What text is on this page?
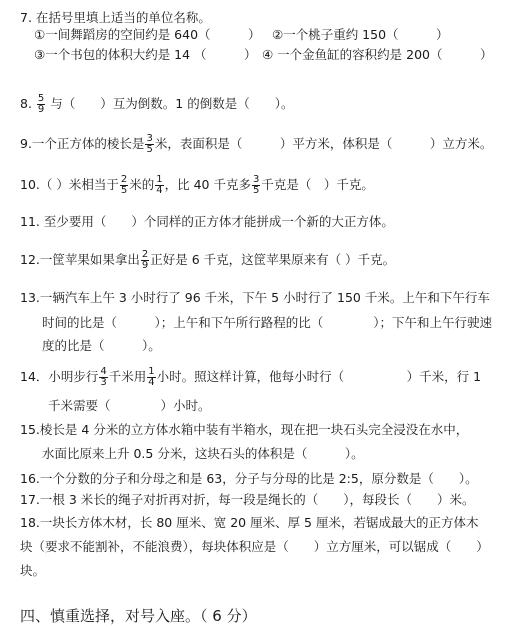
7. 在括号里填上适当的单位名称。
①一间舞蹈房的空间约是 640（　　　） ②一个桃子重约 150（　　　）
③一个书包的体积大约是 14 （　　　） ④ 一个金鱼缸的容积约是 200（　　　）
8. $\frac{5}{9}$ 与（　　）互为倒数。1 的倒数是（　　）。
9.一个正方体的棱长是 $\frac{3}{5}$ 米，表面积是（　　　）平方米，体积是（　　　）立方米。
10.（ ）米相当于 $\frac{2}{5}$ 米的 $\frac{1}{4}$ ，比 40 千克多 $\frac{3}{5}$ 千克是（　）千克。
11. 至少要用（　　）个同样的正方体才能拼成一个新的大正方体。
12.一筐苹果如果拿出 $\frac{2}{9}$ 正好是 6 千克，这筐苹果原来有（ ）千克。
13.一辆汽车上午 3 小时行了 96 千米，下午 5 小时行了 150 千米。上午和下午行车
时间的比是（　　　）；上午和下午所行路程的比（　　　　）；下午和上午行驶速
度的比是（　　　）。
14．小明步行 $\frac{4}{3}$ 千米用 $\frac{1}{4}$ 小时。照这样计算，他每小时行（　　　　　）千米，行 1
千米需要（　　　　）小时。
15.棱长是 4 分米的立方体水箱中装有半箱水，现在把一块石头完全浸没在水中，
水面比原来上升 0.5 分米，这块石头的体积是（　　　）。
16.一个分数的分子和分母之和是 63，分子与分母的比是 2:5，原分数是（　　）。
17.一根 3 米长的绳子对折再对折，每一段是绳长的（　　），每段长（　　）米。
18.一块长方体木材，长 80 厘米、宽 20 厘米、厚 5 厘米，若锯成最大的正方体木
块（要求不能割补，不能浪费），每块体积应是（　　）立方厘米，可以锯成（　　）
块。
四、慎重选择，对号入座。（ 6 分）
